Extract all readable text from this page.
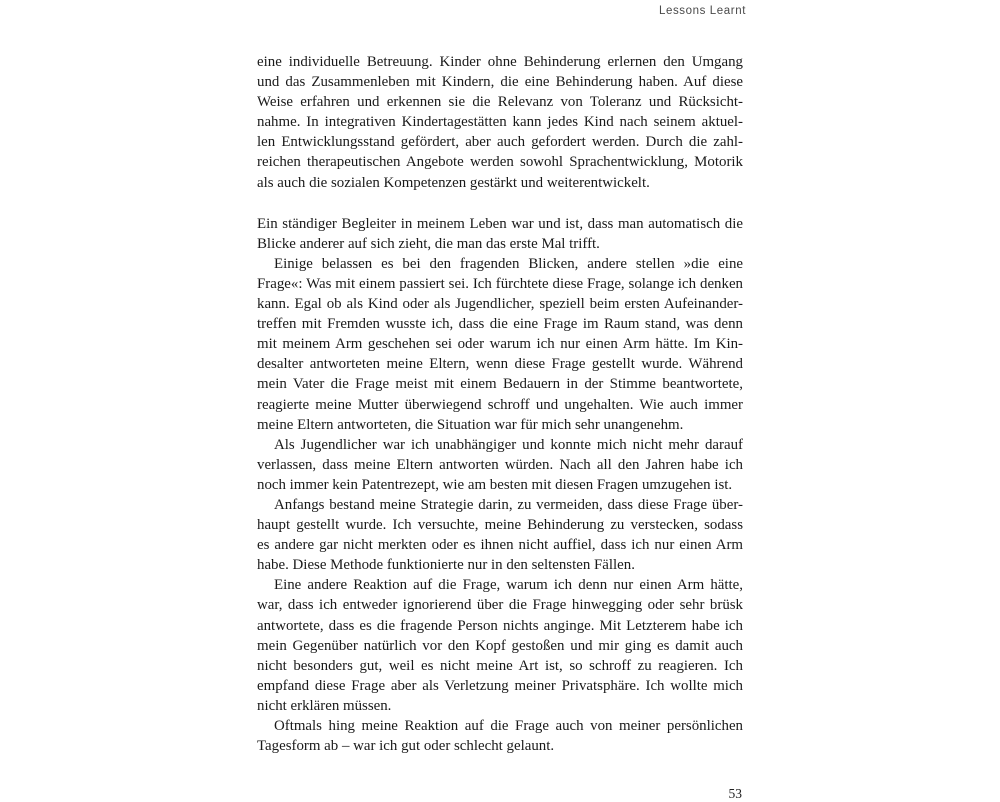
Lessons Learnt
eine individuelle Betreuung. Kinder ohne Behinderung erlernen den Umgang
und das Zusammenleben mit Kindern, die eine Behinderung haben. Auf diese
Weise erfahren und erkennen sie die Relevanz von Toleranz und Rücksicht-
nahme. In integrativen Kindertagestätten kann jedes Kind nach seinem aktuel-
len Entwicklungsstand gefördert, aber auch gefordert werden. Durch die zahl-
reichen therapeutischen Angebote werden sowohl Sprachentwicklung, Motorik
als auch die sozialen Kompetenzen gestärkt und weiterentwickelt.
Ein ständiger Begleiter in meinem Leben war und ist, dass man automatisch die
Blicke anderer auf sich zieht, die man das erste Mal trifft.
Einige belassen es bei den fragenden Blicken, andere stellen »die eine
Frage«: Was mit einem passiert sei. Ich fürchtete diese Frage, solange ich denken
kann. Egal ob als Kind oder als Jugendlicher, speziell beim ersten Aufeinander-
treffen mit Fremden wusste ich, dass die eine Frage im Raum stand, was denn
mit meinem Arm geschehen sei oder warum ich nur einen Arm hätte. Im Kin-
desalter antworteten meine Eltern, wenn diese Frage gestellt wurde. Während
mein Vater die Frage meist mit einem Bedauern in der Stimme beantwortete,
reagierte meine Mutter überwiegend schroff und ungehalten. Wie auch immer
meine Eltern antworteten, die Situation war für mich sehr unangenehm.
Als Jugendlicher war ich unabhängiger und konnte mich nicht mehr darauf
verlassen, dass meine Eltern antworten würden. Nach all den Jahren habe ich
noch immer kein Patentrezept, wie am besten mit diesen Fragen umzugehen ist.
Anfangs bestand meine Strategie darin, zu vermeiden, dass diese Frage über-
haupt gestellt wurde. Ich versuchte, meine Behinderung zu verstecken, sodass
es andere gar nicht merkten oder es ihnen nicht auffiel, dass ich nur einen Arm
habe. Diese Methode funktionierte nur in den seltensten Fällen.
Eine andere Reaktion auf die Frage, warum ich denn nur einen Arm hätte,
war, dass ich entweder ignorierend über die Frage hinwegging oder sehr brüsk
antwortete, dass es die fragende Person nichts anginge. Mit Letzterem habe ich
mein Gegenüber natürlich vor den Kopf gestoßen und mir ging es damit auch
nicht besonders gut, weil es nicht meine Art ist, so schroff zu reagieren. Ich
empfand diese Frage aber als Verletzung meiner Privatsphäre. Ich wollte mich
nicht erklären müssen.
Oftmals hing meine Reaktion auf die Frage auch von meiner persönlichen
Tagesform ab – war ich gut oder schlecht gelaunt.
53
